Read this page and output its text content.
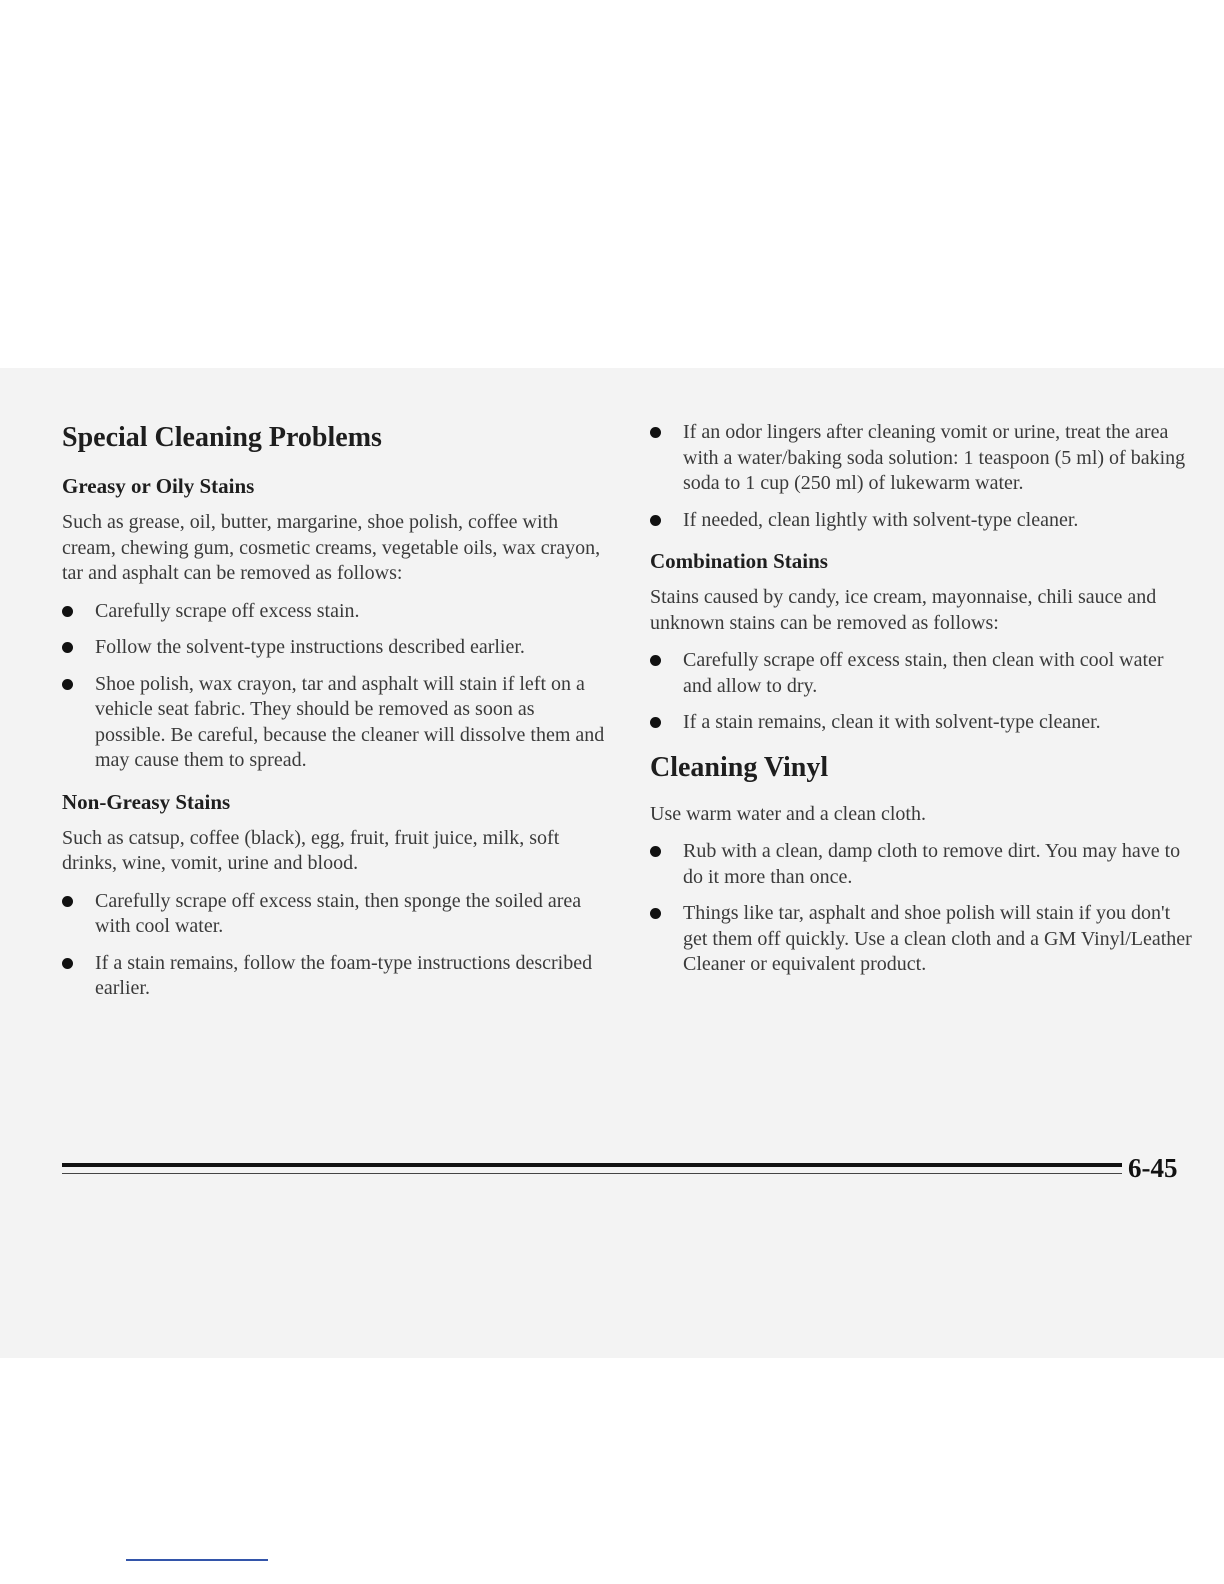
Special Cleaning Problems
Greasy or Oily Stains

Such as grease, oil, butter, margarine, shoe polish, coffee with cream, chewing gum, cosmetic creams, vegetable oils, wax crayon, tar and asphalt can be removed as follows:

Carefully scrape off excess stain.
Follow the solvent-type instructions described earlier.
Shoe polish, wax crayon, tar and asphalt will stain if left on a vehicle seat fabric. They should be removed as soon as possible. Be careful, because the cleaner will dissolve them and may cause them to spread.
Non-Greasy Stains

Such as catsup, coffee (black), egg, fruit, fruit juice, milk, soft drinks, wine, vomit, urine and blood.

Carefully scrape off excess stain, then sponge the soiled area with cool water.
If a stain remains, follow the foam-type instructions described earlier.
If an odor lingers after cleaning vomit or urine, treat the area with a water/baking soda solution: 1 teaspoon (5 ml) of baking soda to 1 cup (250 ml) of lukewarm water.
If needed, clean lightly with solvent-type cleaner.
Combination Stains

Stains caused by candy, ice cream, mayonnaise, chili sauce and unknown stains can be removed as follows:

Carefully scrape off excess stain, then clean with cool water and allow to dry.
If a stain remains, clean it with solvent-type cleaner.
Cleaning Vinyl

Use warm water and a clean cloth.

Rub with a clean, damp cloth to remove dirt. You may have to do it more than once.
Things like tar, asphalt and shoe polish will stain if you don't get them off quickly. Use a clean cloth and a GM Vinyl/Leather Cleaner or equivalent product.
6-45
